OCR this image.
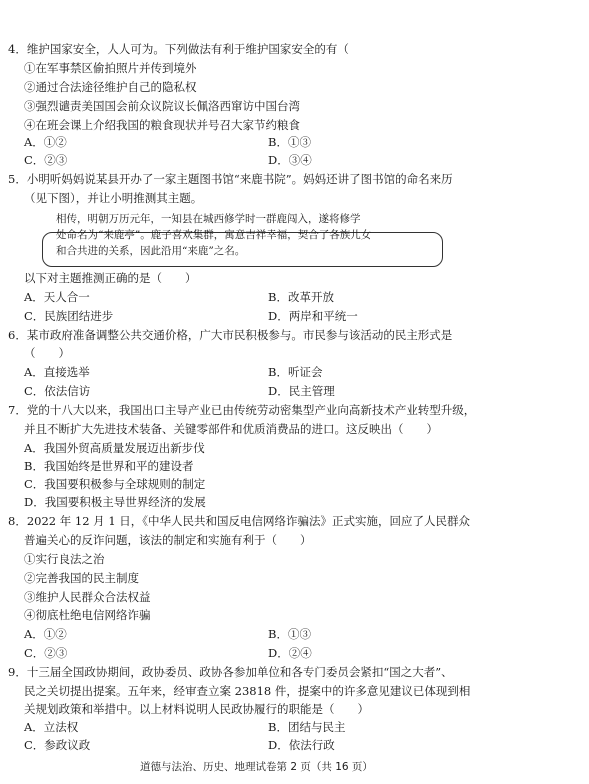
4．维护国家安全，人人可为。下列做法有利于维护国家安全的有（
①在军事禁区偷拍照片并传到境外
②通过合法途径维护自己的隐私权
③强烈谴责美国国会前众议院议长佩洛西窜访中国台湾
④在班会课上介绍我国的粮食现状并号召大家节约粮食
A．①②	B．①③
C．②③	D．③④
5．小明听妈妈说某县开办了一家主题图书馆“来鹿书院”。妈妈还讲了图书馆的命名来历
（见下图），并让小明推测其主题。
相传，明朝万历元年，一知县在城西修学时一群鹿闯入，遂将修学
处命名为“来鹿亭”。鹿子喜欢集群，寓意吉祥幸福，契合了各族儿女
和合共进的关系，因此沿用“来鹿”之名。
以下对主题推测正确的是（　　）
A．天人合一	B．改革开放
C．民族团结进步	D．两岸和平统一
6．某市政府准备调整公共交通价格，广大市民积极参与。市民参与该活动的民主形式是
（　　）
A．直接选举	B．听证会
C．依法信访	D．民主管理
7．党的十八大以来，我国出口主导产业已由传统劳动密集型产业向高新技术产业转型升级，
并且不断扩大先进技术装备、关键零部件和优质消费品的进口。这反映出（　　）
A．我国外贸高质量发展迈出新步伐
B．我国始终是世界和平的建设者
C．我国要积极参与全球规则的制定
D．我国要积极主导世界经济的发展
8．2022 年 12 月 1 日，《中华人民共和国反电信网络诈骗法》正式实施，回应了人民群众
普遍关心的反诈问题，该法的制定和实施有利于（　　）
①实行良法之治
②完善我国的民主制度
③维护人民群众合法权益
④彻底杜绝电信网络诈骗
A．①②	B．①③
C．②③	D．②④
9．十三届全国政协期间，政协委员、政协各参加单位和各专门委员会紧扣“国之大者”、
民之关切提出提案。五年来，经审查立案 23818 件，提案中的许多意见建议已体现到相
关规划政策和举措中。以上材料说明人民政协履行的职能是（　　）
A．立法权	B．团结与民主
C．参政议政	D．依法行政
道德与法治、历史、地理试卷第 2 页（共 16 页）
